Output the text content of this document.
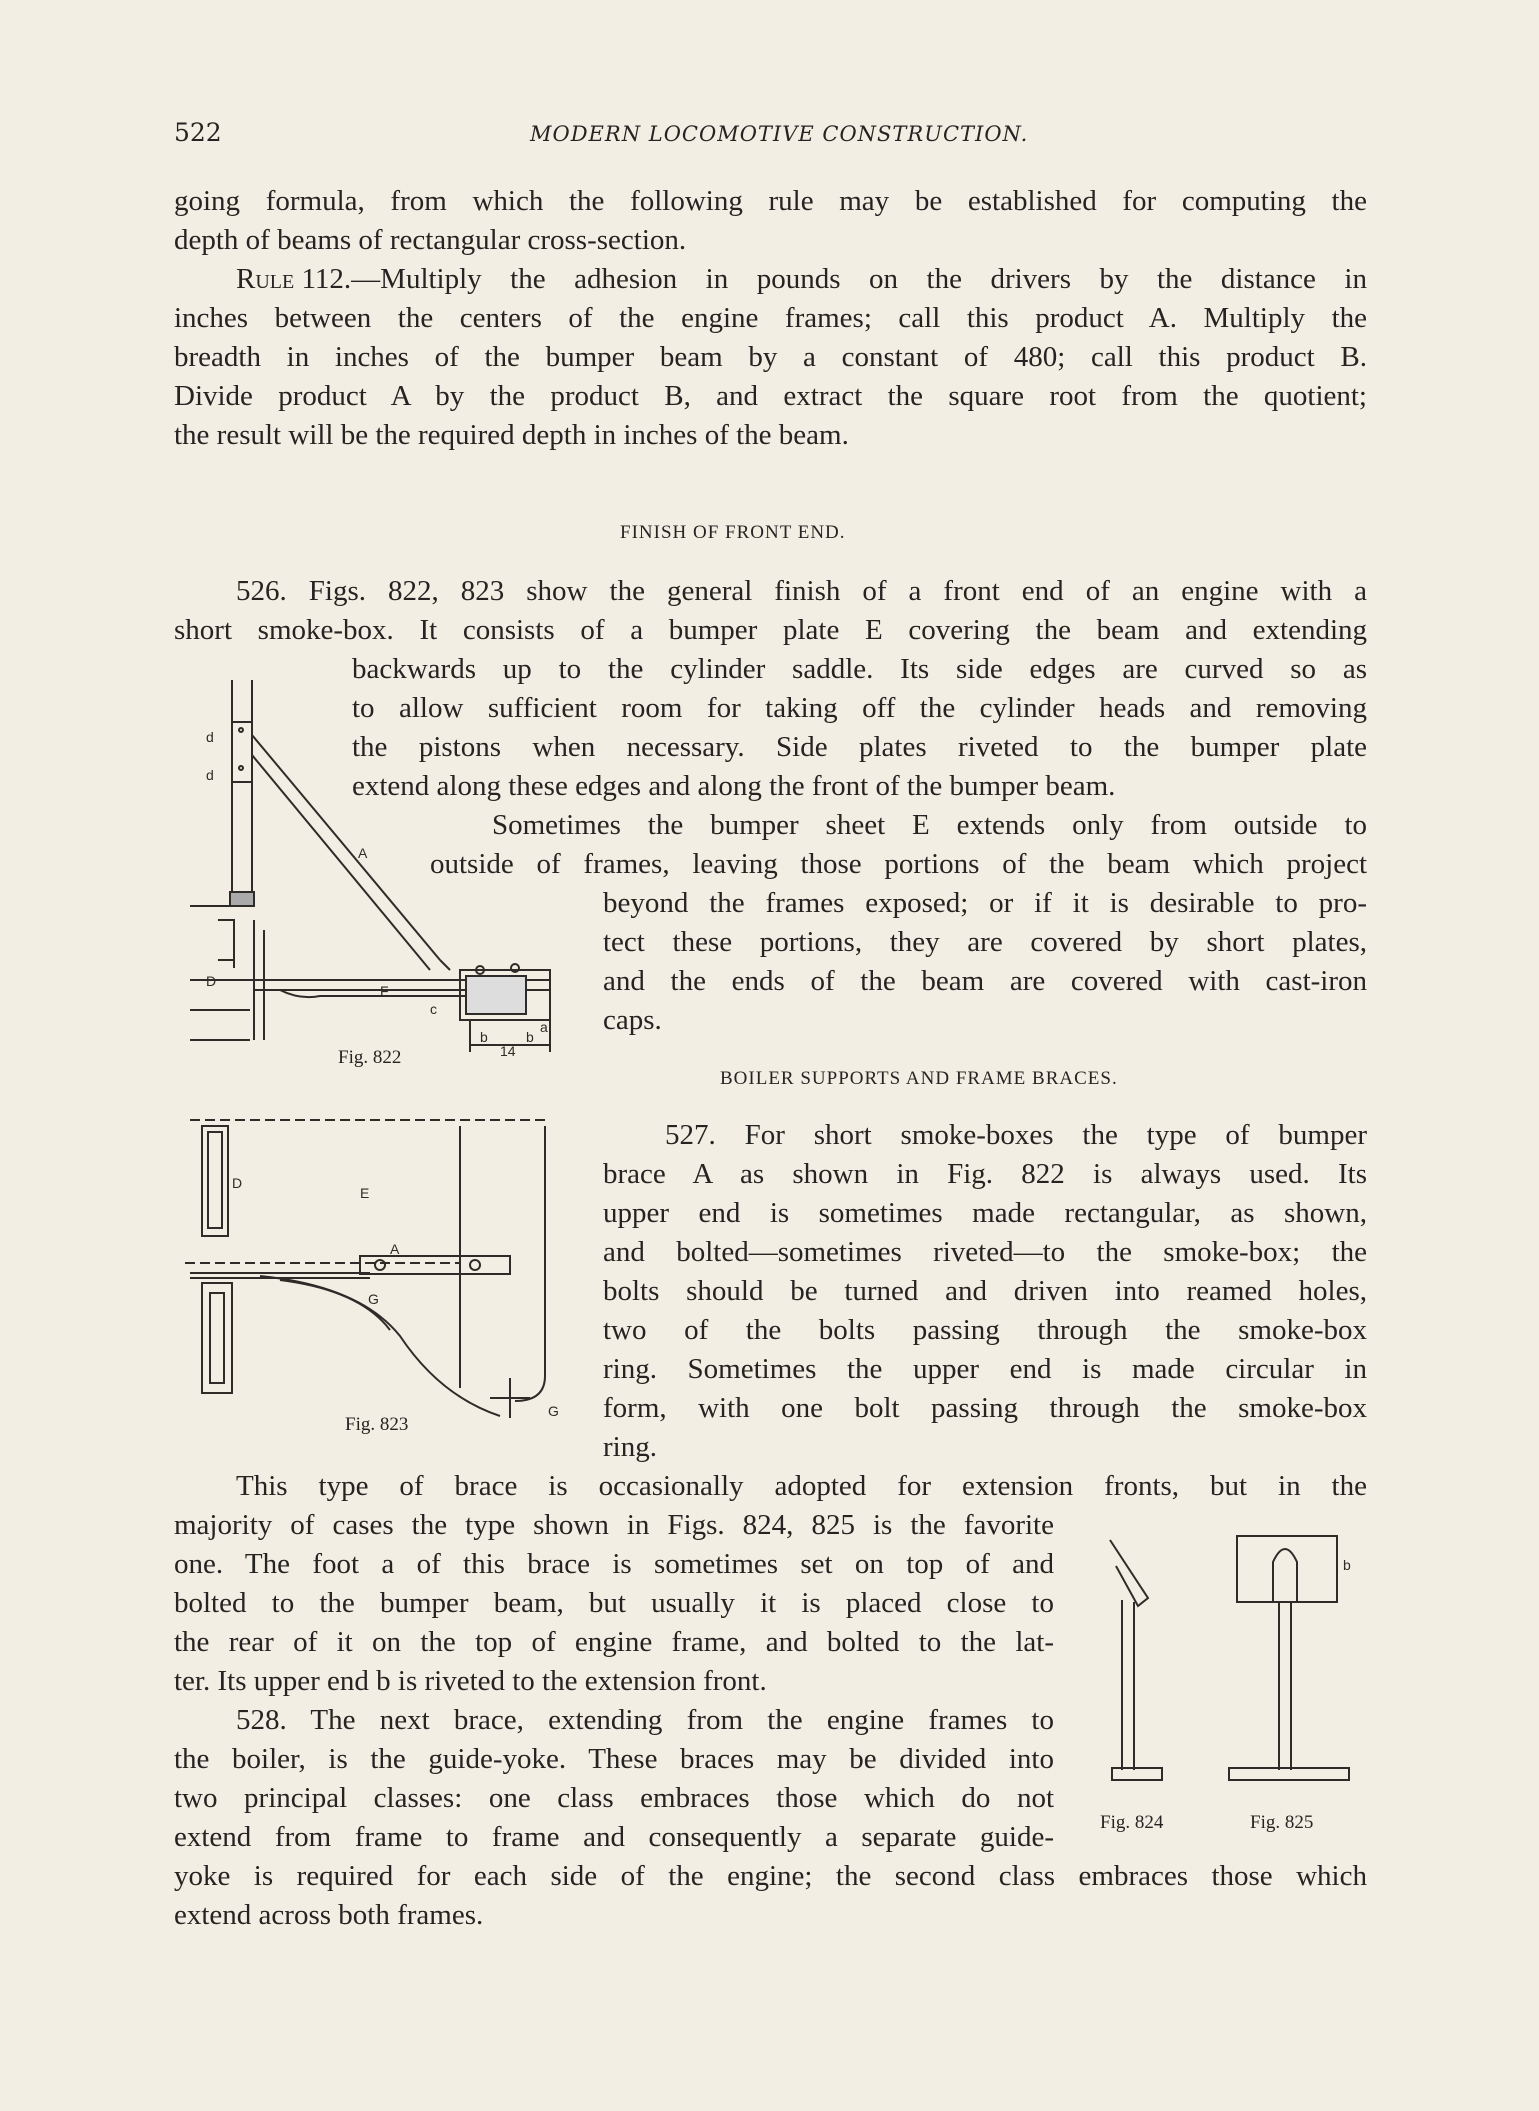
522	MODERN LOCOMOTIVE CONSTRUCTION.
going formula, from which the following rule may be established for computing the
depth of beams of rectangular cross-section.
Rule 112. —Multiply the adhesion in pounds on the drivers by the distance in
inches between the centers of the engine frames; call this product A. Multiply the
breadth in inches of the bumper beam by a constant of 480; call this product B.
Divide product A by the product B, and extract the square root from the quotient;
the result will be the required depth in inches of the beam.
FINISH OF FRONT END.
526. Figs. 822, 823 show the general finish of a front end of an engine with a
short smoke-box. It consists of a bumper plate E covering the beam and extending
backwards up to the cylinder saddle. Its side edges are curved so as
to allow sufficient room for taking off the cylinder heads and removing
the pistons when necessary. Side plates riveted to the bumper plate
extend along these edges and along the front of the bumper beam.
Sometimes the bumper sheet E extends only from outside to
outside of frames, leaving those portions of the beam which project
beyond the frames exposed; or if it is desirable to pro-
tect these portions, they are covered by short plates,
and the ends of the beam are covered with cast-iron
caps.
BOILER SUPPORTS AND FRAME BRACES.
527. For short smoke-boxes the type of bumper
brace A as shown in Fig. 822 is always used. Its
upper end is sometimes made rectangular, as shown,
and bolted—sometimes riveted—to the smoke-box; the
bolts should be turned and driven into reamed holes,
two of the bolts passing through the smoke-box
ring. Sometimes the upper end is made circular in
form, with one bolt passing through the smoke-box
ring.
This type of brace is occasionally adopted for extension fronts, but in the
majority of cases the type shown in Figs. 824, 825 is the favorite
one. The foot a of this brace is sometimes set on top of and
bolted to the bumper beam, but usually it is placed close to
the rear of it on the top of engine frame, and bolted to the lat-
ter. Its upper end b is riveted to the extension front.
528. The next brace, extending from the engine frames to
the boiler, is the guide-yoke. These braces may be divided into
two principal classes: one class embraces those which do not
extend from frame to frame and consequently a separate guide-
yoke is required for each side of the engine; the second class embraces those which
extend across both frames.
d
d
A
D
F
c
b	b
a
14
Fig. 822
D
E
A
G
G
Fig. 823
Fig. 824
b
Fig. 825
